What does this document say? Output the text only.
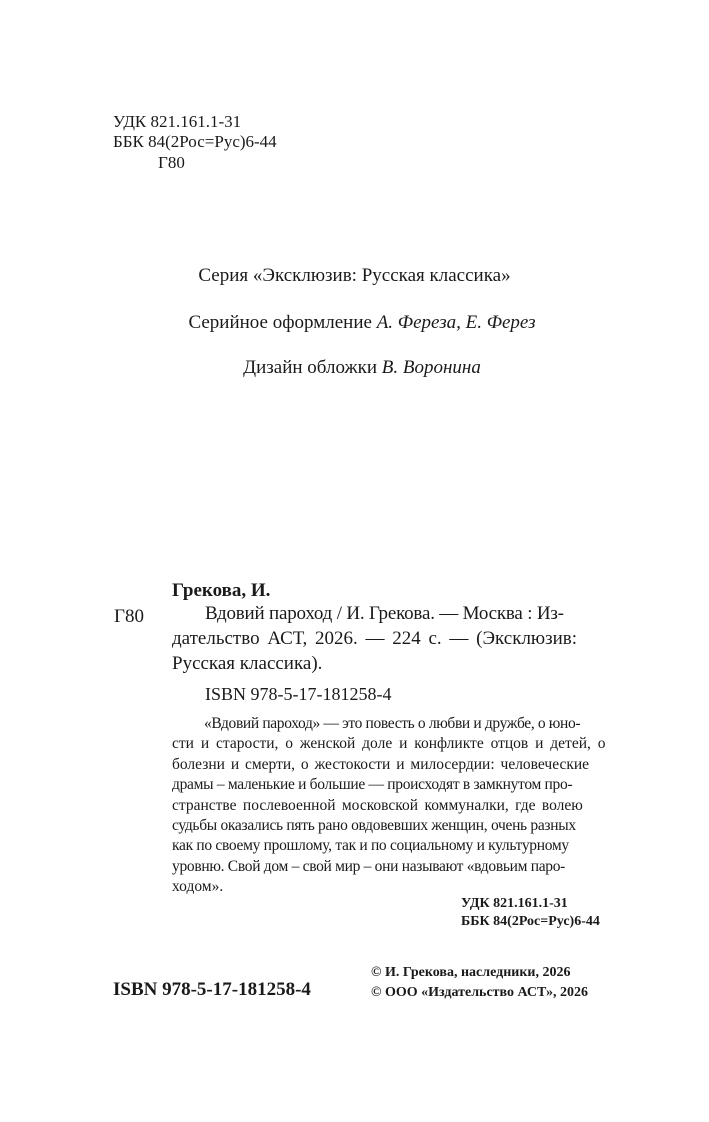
УДК 821.161.1-31
ББК 84(2Рос=Рус)6-44
Г80
Серия «Эксклюзив: Русская классика»
Серийное оформление А. Фереза, Е. Ферез
Дизайн обложки В. Воронина
Грекова, И.
Г80	Вдовий пароход / И. Грекова. — Москва : Из-
дательство АСТ, 2026. — 224 с. — (Эксклюзив:
Русская классика).
ISBN 978-5-17-181258-4
«Вдовий пароход» — это повесть о любви и дружбе, о юно-
сти и старости, о женской доле и конфликте отцов и детей, о
болезни и смерти, о жестокости и милосердии: человеческие
драмы – маленькие и большие — происходят в замкнутом про-
странстве послевоенной московской коммуналки, где волею
судьбы оказались пять рано овдовевших женщин, очень разных
как по своему прошлому, так и по социальному и культурному
уровню. Свой дом – свой мир – они называют «вдовьим паро-
ходом».
УДК 821.161.1-31
ББК 84(2Рос=Рус)6-44
ISBN 978-5-17-181258-4
© И. Грекова, наследники, 2026
© ООО «Издательство АСТ», 2026
